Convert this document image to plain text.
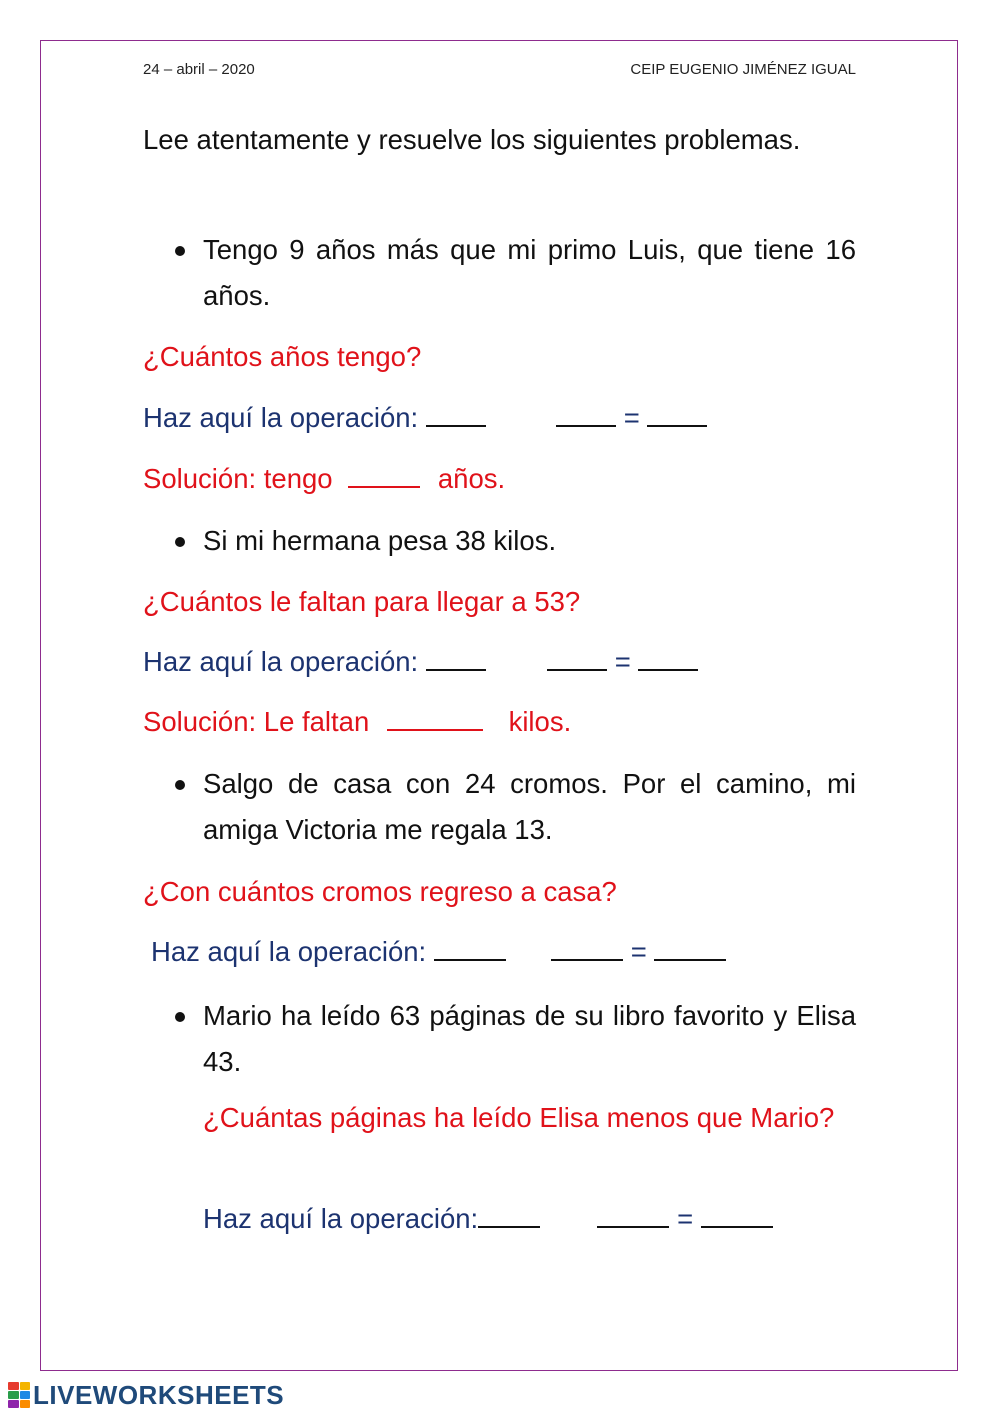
24 – abril – 2020	CEIP EUGENIO JIMÉNEZ IGUAL
Lee atentamente y resuelve los siguientes problemas.
Tengo 9 años más que mi primo Luis, que tiene 16 años.
¿Cuántos años tengo?
Haz aquí la operación:	=
Solución: tengo	años.
Si mi hermana pesa 38 kilos.
¿Cuántos le faltan para llegar a 53?
Haz aquí la operación:	=
Solución: Le faltan	kilos.
Salgo de casa con 24 cromos. Por el camino, mi amiga Victoria me regala 13.
¿Con cuántos cromos regreso a casa?
Haz aquí la operación:	=
Mario ha leído 63 páginas de su libro favorito y Elisa 43.
¿Cuántas páginas ha leído Elisa menos que Mario?
Haz aquí la operación:	=
LIVEWORKSHEETS
